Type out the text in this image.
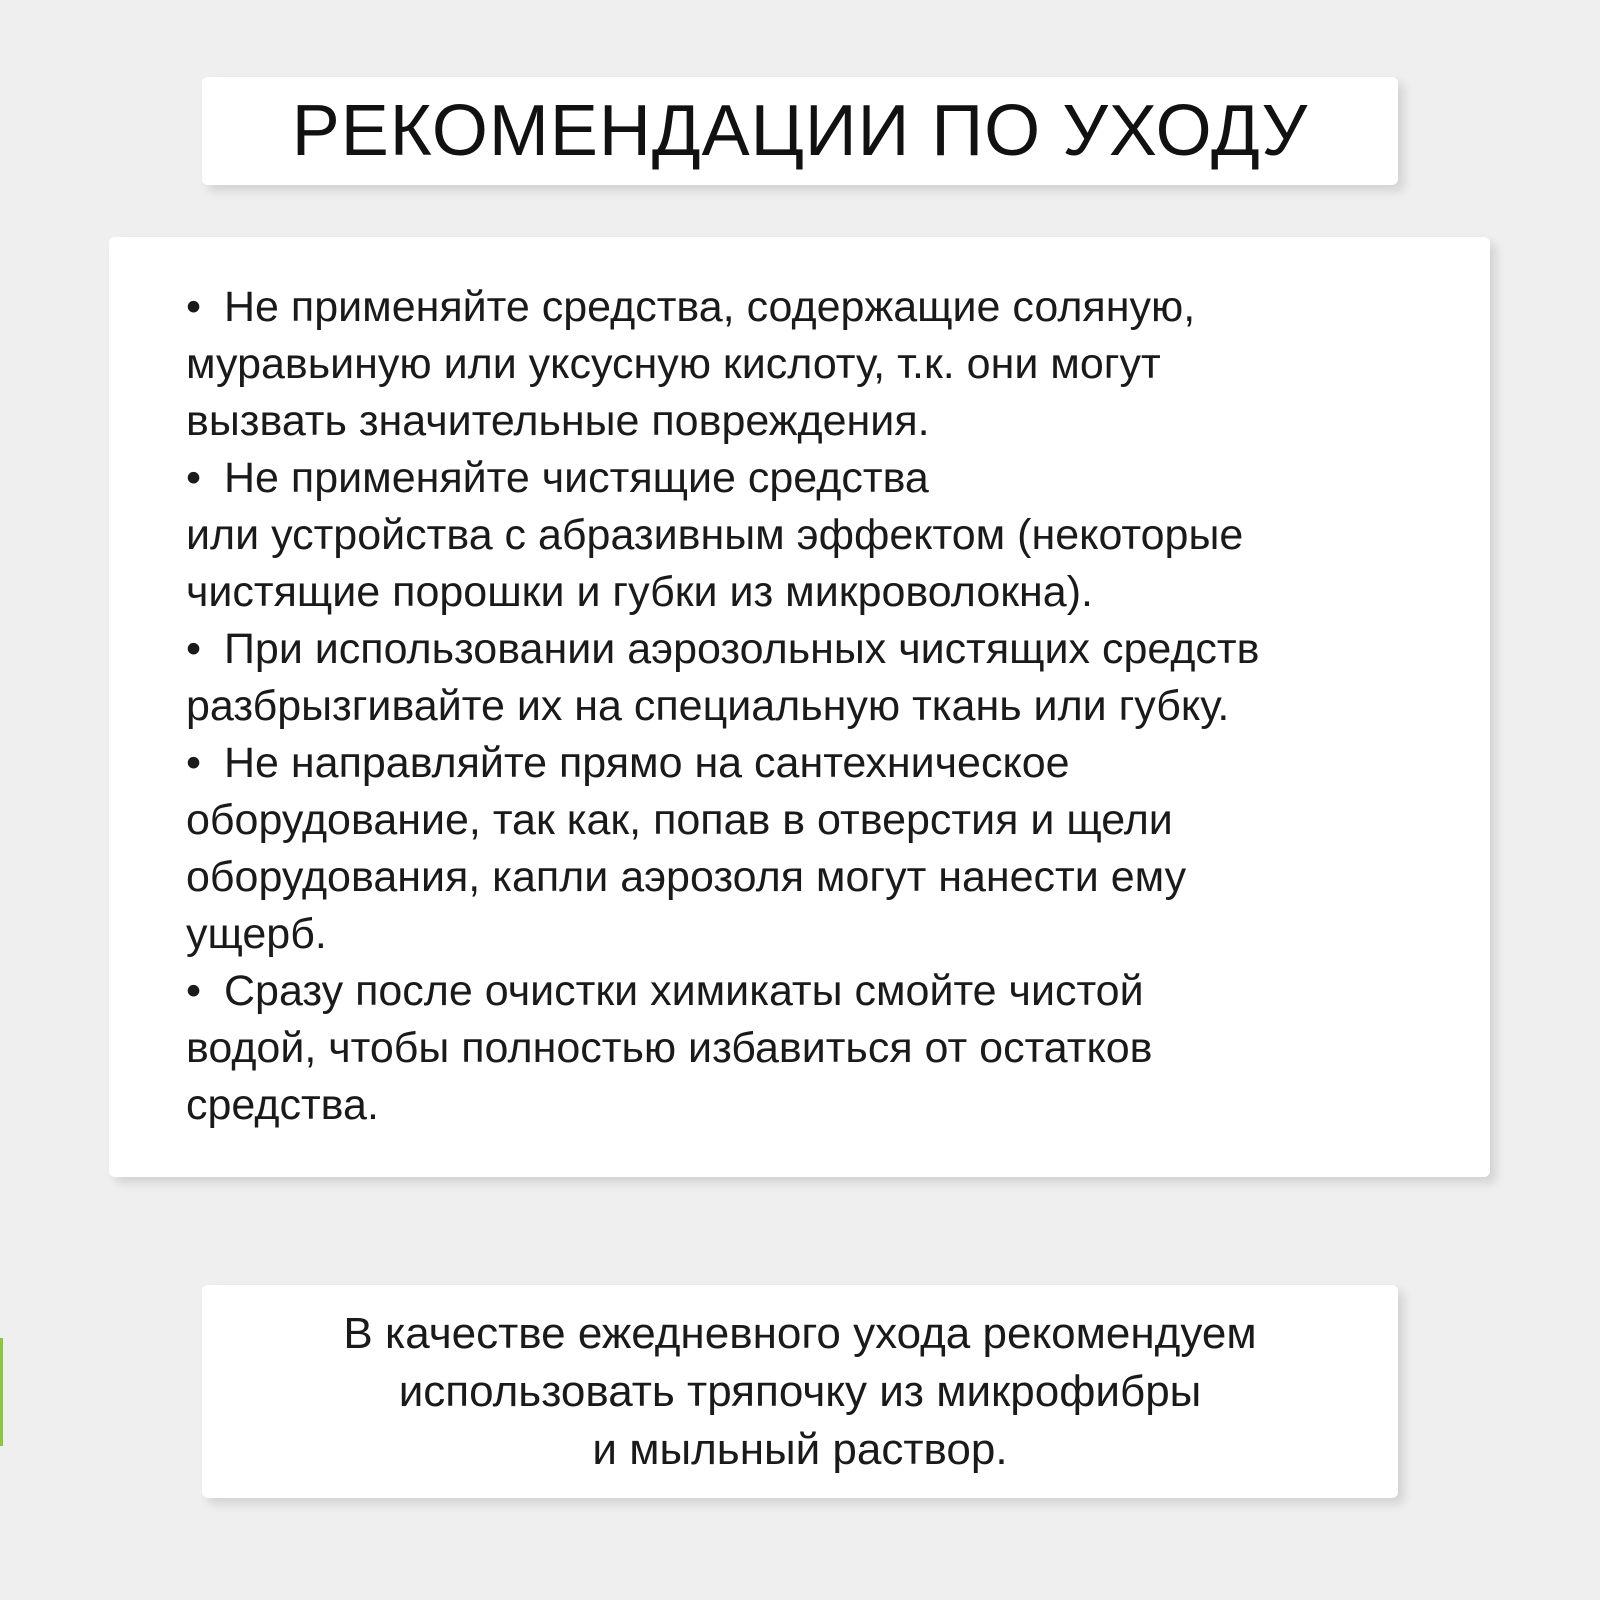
РЕКОМЕНДАЦИИ ПО УХОДУ

• Не применяйте средства, содержащие соляную,

муравьиную или уксусную кислоту, т.к. они могут

вызвать значительные повреждения.

• Не применяйте чистящие средства

или устройства с абразивным эффектом (некоторые

чистящие порошки и губки из микроволокна).

• При использовании аэрозольных чистящих средств

разбрызгивайте их на специальную ткань или губку.

• Не направляйте прямо на сантехническое

оборудование, так как, попав в отверстия и щели

оборудования, капли аэрозоля могут нанести ему

ущерб.

• Сразу после очистки химикаты смойте чистой

водой, чтобы полностью избавиться от остатков

средства.

В качестве ежедневного ухода рекомендуем

использовать тряпочку из микрофибры

и мыльный раствор.
